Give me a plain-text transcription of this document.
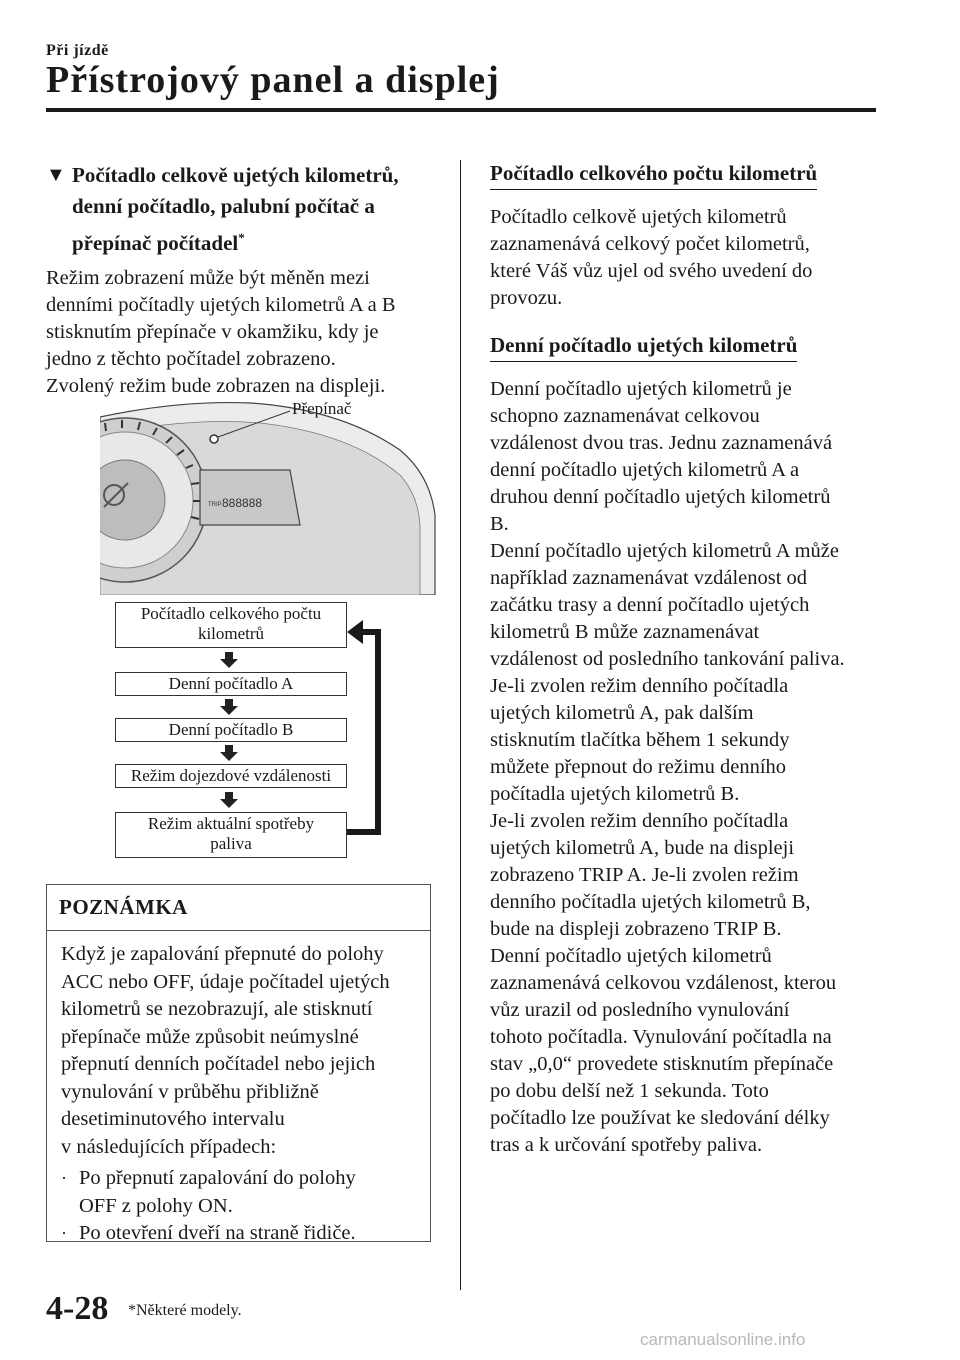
Při jízdě
Přístrojový panel a displej
▼ Počítadlo celkově ujetých kilometrů,
denní počítadlo, palubní počítač a
přepínač počítadel*

Režim zobrazení může být měněn mezi
denními počítadly ujetých kilometrů A a B
stisknutím přepínače v okamžiku, kdy je
jedno z těchto počítadel zobrazeno.
Zvolený režim bude zobrazen na displeji.

TRIP 888888
Přepínač
Počítadlo celkového počtu
kilometrů
Denní počítadlo A
Denní počítadlo B
Režim dojezdové vzdálenosti
Režim aktuální spotřeby
paliva
POZNÁMKA
Když je zapalování přepnuté do polohy
ACC nebo OFF, údaje počítadel ujetých
kilometrů se nezobrazují, ale stisknutí
přepínače může způsobit neúmyslné
přepnutí denních počítadel nebo jejich
vynulování v průběhu přibližně
desetiminutového intervalu
v následujících případech:
· Po přepnutí zapalování do polohy
OFF z polohy ON.
· Po otevření dveří na straně řidiče.
Počítadlo celkového počtu kilometrů

Počítadlo celkově ujetých kilometrů
zaznamenává celkový počet kilometrů,
které Váš vůz ujel od svého uvedení do
provozu.

Denní počítadlo ujetých kilometrů

Denní počítadlo ujetých kilometrů je
schopno zaznamenávat celkovou
vzdálenost dvou tras. Jednu zaznamenává
denní počítadlo ujetých kilometrů A a
druhou denní počítadlo ujetých kilometrů
B.
Denní počítadlo ujetých kilometrů A může
například zaznamenávat vzdálenost od
začátku trasy a denní počítadlo ujetých
kilometrů B může zaznamenávat
vzdálenost od posledního tankování paliva.
Je-li zvolen režim denního počítadla
ujetých kilometrů A, pak dalším
stisknutím tlačítka během 1 sekundy
můžete přepnout do režimu denního
počítadla ujetých kilometrů B.
Je-li zvolen režim denního počítadla
ujetých kilometrů A, bude na displeji
zobrazeno TRIP A. Je-li zvolen režim
denního počítadla ujetých kilometrů B,
bude na displeji zobrazeno TRIP B.
Denní počítadlo ujetých kilometrů
zaznamenává celkovou vzdálenost, kterou
vůz urazil od posledního vynulování
tohoto počítadla. Vynulování počítadla na
stav „0,0“ provedete stisknutím přepínače
po dobu delší než 1 sekunda. Toto
počítadlo lze používat ke sledování délky
tras a k určování spotřeby paliva.

4-28 *Některé modely.
carmanualsonline.info
